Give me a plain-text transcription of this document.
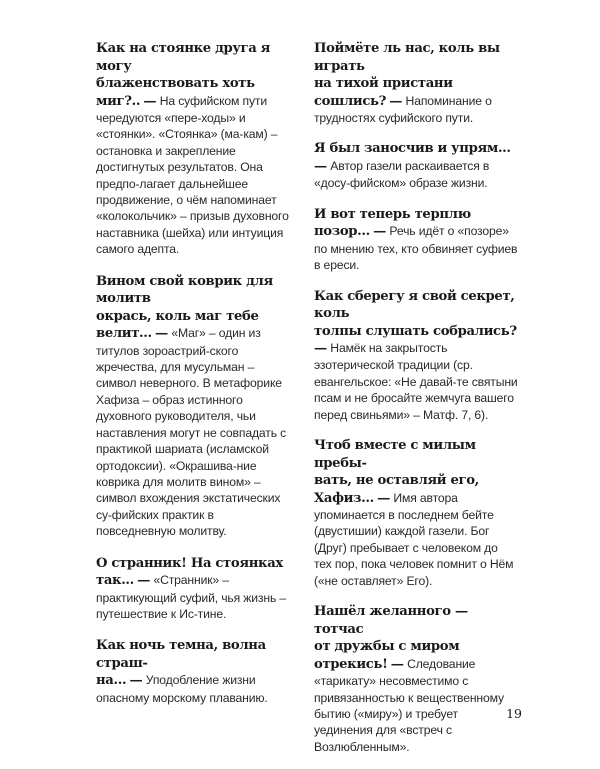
Как на стоянке друга я могу
блаженствовать хоть миг?.. — На суфийском пути чередуются «пере-ходы» и «стоянки». «Стоянка» (ма-кам) – остановка и закрепление достигнутых результатов. Она предпо-лагает дальнейшее продвижение, о чём напоминает «колокольчик» – призыв духовного наставника (шейха) или интуиция самого адепта.

Вином свой коврик для молитв
окрась, коль маг тебе велит... — «Маг» – один из титулов зороастрий-ского жречества, для мусульман – символ неверного. В метафорике Хафиза – образ истинного духовного руководителя, чьи наставления могут не совпадать с практикой шариата (исламской ортодоксии). «Окрашива-ние коврика для молитв вином» – символ вхождения экстатических су-фийских практик в повседневную молитву.

О странник! На стоянках
так... — «Странник» – практикующий суфий, чья жизнь – путешествие к Ис-тине.

Как ночь темна, волна страш-
на... — Уподобление жизни опасному морскому плаванию.

Поймёте ль нас, коль вы играть
на тихой пристани сошлись? — Напоминание о трудностях суфийского пути.

Я был заносчив и упрям... — Автор газели раскаивается в «досу-фийском» образе жизни.

И вот теперь терплю позор... — Речь идёт о «позоре» по мнению тех, кто обвиняет суфиев в ереси.

Как сберегу я свой секрет, коль
толпы слушать собрались? — Намёк на закрытость эзотерической традиции (ср. евангельское: «Не давай-те святыни псам и не бросайте жемчуга вашего перед свиньями» – Матф. 7, 6).

Чтоб вместе с милым пребы-
вать, не оставляй его, Хафиз... — Имя автора упоминается в последнем бейте (двустишии) каждой газели. Бог (Друг) пребывает с человеком до тех пор, пока человек помнит о Нём («не оставляет» Его).

Нашёл желанного — тотчас
от дружбы с миром отрекись! — Следование «тарикату» несовместимо с привязанностью к вещественному бытию («миру») и требует уединения для «встреч с Возлюбленным».

19
